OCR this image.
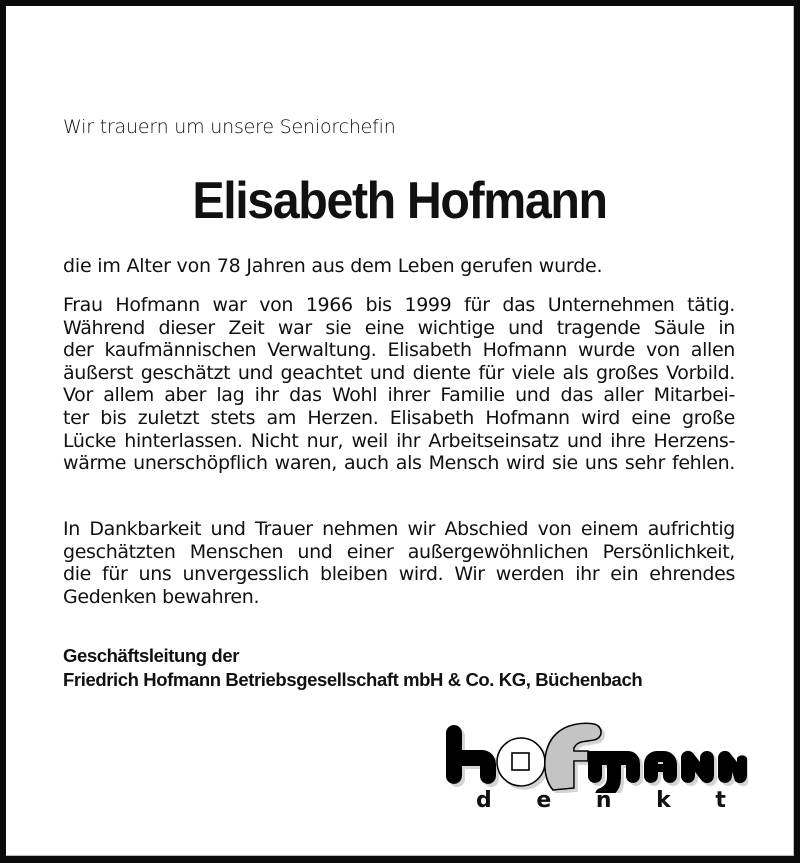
Wir trauern um unsere Seniorchefin
Elisabeth Hofmann
die im Alter von 78 Jahren aus dem Leben gerufen wurde.

Frau Hofmann war von 1966 bis 1999 für das Unternehmen tätig.
Während dieser Zeit war sie eine wichtige und tragende Säule in
der kaufmännischen Verwaltung. Elisabeth Hofmann wurde von allen
äußerst geschätzt und geachtet und diente für viele als großes Vorbild.
Vor allem aber lag ihr das Wohl ihrer Familie und das aller Mitarbei-
ter bis zuletzt stets am Herzen. Elisabeth Hofmann wird eine große
Lücke hinterlassen. Nicht nur, weil ihr Arbeitseinsatz und ihre Herzens-
wärme unerschöpflich waren, auch als Mensch wird sie uns sehr fehlen.

In Dankbarkeit und Trauer nehmen wir Abschied von einem aufrichtig
geschätzten Menschen und einer außergewöhnlichen Persönlichkeit,
die für uns unvergesslich bleiben wird. Wir werden ihr ein ehrendes
Gedenken bewahren.

Geschäftsleitung der
Friedrich Hofmann Betriebsgesellschaft mbH & Co. KG, Büchenbach
d e n k t
